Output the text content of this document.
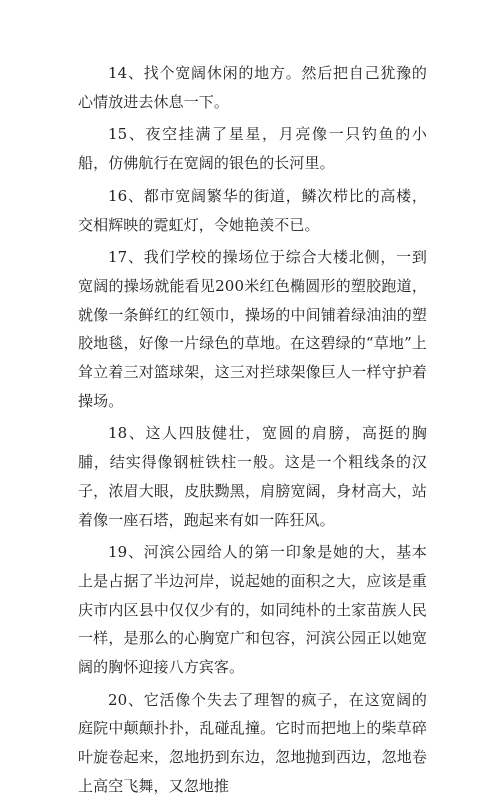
14、找个宽阔休闲的地方。然后把自己犹豫的心情放进去休息一下。

15、夜空挂满了星星，月亮像一只钓鱼的小船，仿佛航行在宽阔的银色的长河里。

16、都市宽阔繁华的街道，鳞次栉比的高楼，交相辉映的霓虹灯，令她艳羡不已。

17、我们学校的操场位于综合大楼北侧，一到宽阔的操场就能看见200米红色椭圆形的塑胶跑道，就像一条鲜红的红领巾，操场的中间铺着绿油油的塑胶地毯，好像一片绿色的草地。在这碧绿的“草地”上耸立着三对篮球架，这三对拦球架像巨人一样守护着操场。

18、这人四肢健壮，宽圆的肩膀，高挺的胸脯，结实得像钢桩铁柱一般。这是一个粗线条的汉子，浓眉大眼，皮肤黝黑，肩膀宽阔，身材高大，站着像一座石塔，跑起来有如一阵狂风。

19、河滨公园给人的第一印象是她的大，基本上是占据了半边河岸，说起她的面积之大，应该是重庆市内区县中仅仅少有的，如同纯朴的土家苗族人民一样，是那么的心胸宽广和包容，河滨公园正以她宽阔的胸怀迎接八方宾客。

20、它活像个失去了理智的疯子，在这宽阔的庭院中颠颠扑扑，乱碰乱撞。它时而把地上的柴草碎叶旋卷起来，忽地扔到东边，忽地抛到西边，忽地卷上高空飞舞，又忽地推
